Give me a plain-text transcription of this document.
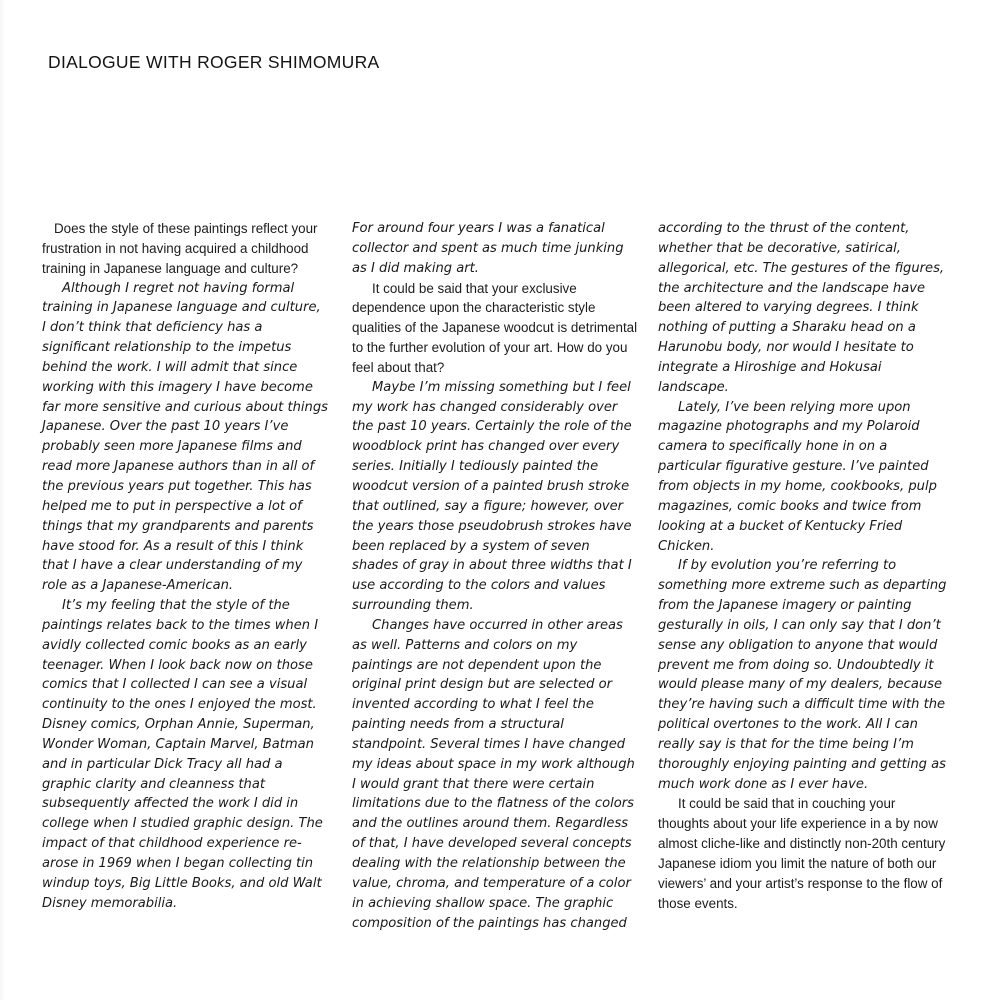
DIALOGUE WITH ROGER SHIMOMURA

Does the style of these paintings reflect your frustration in not having acquired a childhood training in Japanese language and culture?

Although I regret not having formal training in Japanese language and culture, I don’t think that deficiency has a significant relationship to the impetus behind the work. I will admit that since working with this imagery I have become far more sensitive and curious about things Japanese. Over the past 10 years I’ve probably seen more Japanese films and read more Japanese authors than in all of the previous years put together. This has helped me to put in perspective a lot of things that my grandparents and parents have stood for. As a result of this I think that I have a clear understanding of my role as a Japanese-American.

It’s my feeling that the style of the paintings relates back to the times when I avidly collected comic books as an early teenager. When I look back now on those comics that I collected I can see a visual continuity to the ones I enjoyed the most. Disney comics, Orphan Annie, Superman, Wonder Woman, Captain Marvel, Batman and in particular Dick Tracy all had a graphic clarity and cleanness that subsequently affected the work I did in college when I studied graphic design. The impact of that childhood experience re-arose in 1969 when I began collecting tin windup toys, Big Little Books, and old Walt Disney memorabilia.

For around four years I was a fanatical collector and spent as much time junking as I did making art.

It could be said that your exclusive dependence upon the characteristic style qualities of the Japanese woodcut is detrimental to the further evolution of your art. How do you feel about that?

Maybe I’m missing something but I feel my work has changed considerably over the past 10 years. Certainly the role of the woodblock print has changed over every series. Initially I tediously painted the woodcut version of a painted brush stroke that outlined, say a figure; however, over the years those pseudobrush strokes have been replaced by a system of seven shades of gray in about three widths that I use according to the colors and values surrounding them.

Changes have occurred in other areas as well. Patterns and colors on my paintings are not dependent upon the original print design but are selected or invented according to what I feel the painting needs from a structural standpoint. Several times I have changed my ideas about space in my work although I would grant that there were certain limitations due to the flatness of the colors and the outlines around them. Regardless of that, I have developed several concepts dealing with the relationship between the value, chroma, and temperature of a color in achieving shallow space. The graphic composition of the paintings has changed

according to the thrust of the content, whether that be decorative, satirical, allegorical, etc. The gestures of the figures, the architecture and the landscape have been altered to varying degrees. I think nothing of putting a Sharaku head on a Harunobu body, nor would I hesitate to integrate a Hiroshige and Hokusai landscape.

Lately, I’ve been relying more upon magazine photographs and my Polaroid camera to specifically hone in on a particular figurative gesture. I’ve painted from objects in my home, cookbooks, pulp magazines, comic books and twice from looking at a bucket of Kentucky Fried Chicken.

If by evolution you’re referring to something more extreme such as departing from the Japanese imagery or painting gesturally in oils, I can only say that I don’t sense any obligation to anyone that would prevent me from doing so. Undoubtedly it would please many of my dealers, because they’re having such a difficult time with the political overtones to the work. All I can really say is that for the time being I’m thoroughly enjoying painting and getting as much work done as I ever have.

It could be said that in couching your thoughts about your life experience in a by now almost cliche-like and distinctly non-20th century Japanese idiom you limit the nature of both our viewers’ and your artist’s response to the flow of those events.
